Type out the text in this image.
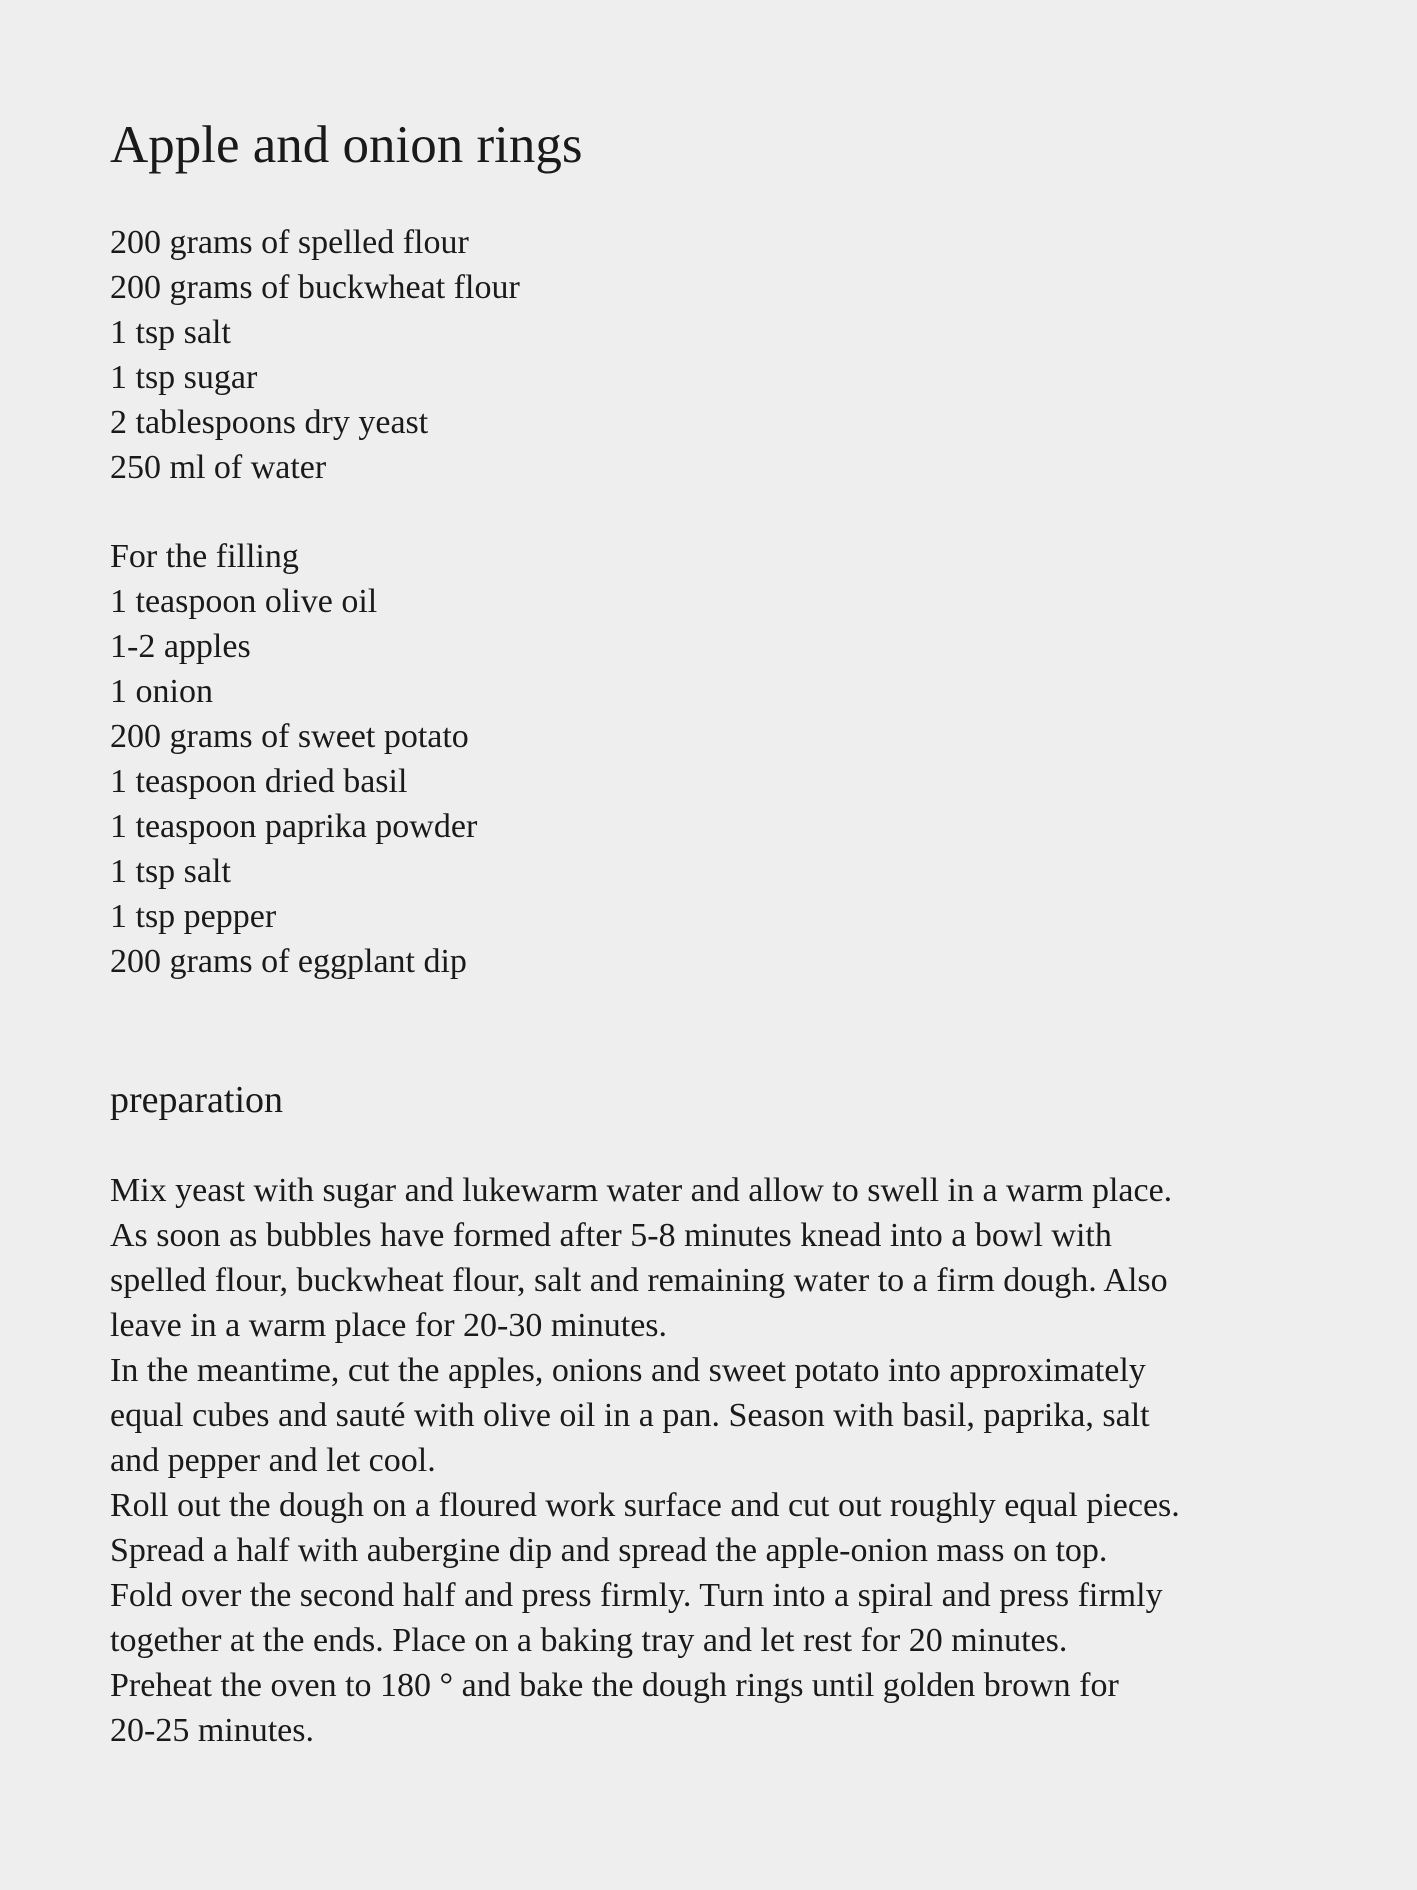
Apple and onion rings
200 grams of spelled flour
200 grams of buckwheat flour
1 tsp salt
1 tsp sugar
2 tablespoons dry yeast
250 ml of water
For the filling
1 teaspoon olive oil
1-2 apples
1 onion
200 grams of sweet potato
1 teaspoon dried basil
1 teaspoon paprika powder
1 tsp salt
1 tsp pepper
200 grams of eggplant dip
preparation
Mix yeast with sugar and lukewarm water and allow to swell in a warm place.
As soon as bubbles have formed after 5-8 minutes knead into a bowl with
spelled flour, buckwheat flour, salt and remaining water to a firm dough. Also
leave in a warm place for 20-30 minutes.
In the meantime, cut the apples, onions and sweet potato into approximately
equal cubes and sauté with olive oil in a pan. Season with basil, paprika, salt
and pepper and let cool.
Roll out the dough on a floured work surface and cut out roughly equal pieces.
Spread a half with aubergine dip and spread the apple-onion mass on top.
Fold over the second half and press firmly. Turn into a spiral and press firmly
together at the ends. Place on a baking tray and let rest for 20 minutes.
Preheat the oven to 180 ° and bake the dough rings until golden brown for
20-25 minutes.
